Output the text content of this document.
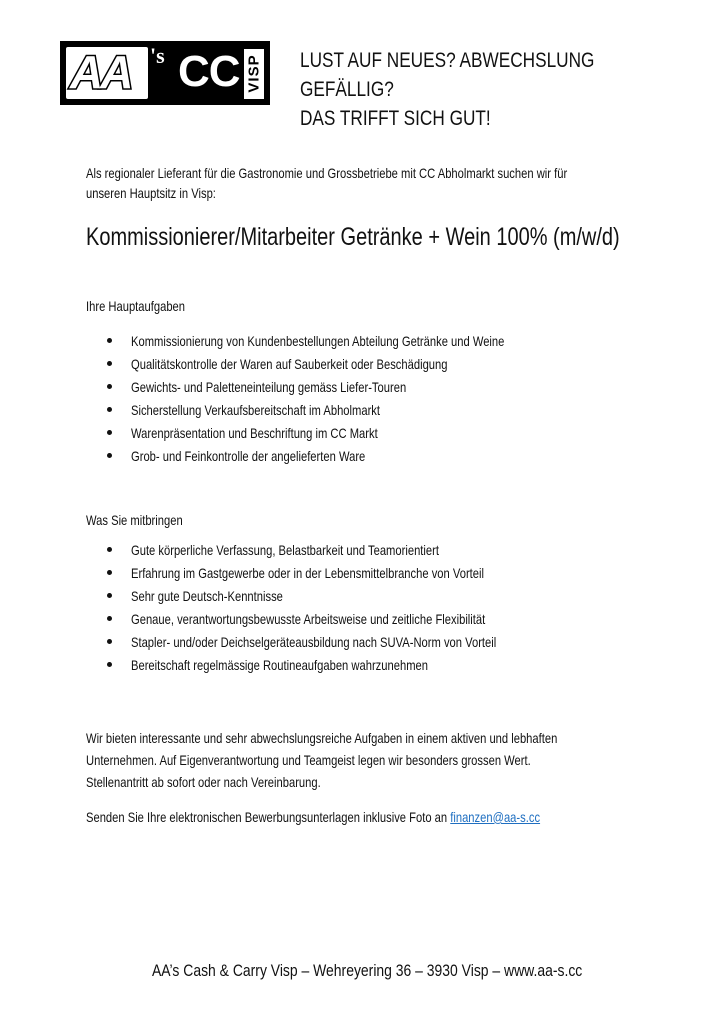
AA 's CC VISP LUST AUF NEUES? ABWECHSLUNG
GEFÄLLIG?
DAS TRIFFT SICH GUT!
Als regionaler Lieferant für die Gastronomie und Grossbetriebe mit CC Abholmarkt suchen wir für
unseren Hauptsitz in Visp:
Kommissionierer/Mitarbeiter Getränke + Wein 100% (m/w/d)
Ihre Hauptaufgaben
Kommissionierung von Kundenbestellungen Abteilung Getränke und Weine
Qualitätskontrolle der Waren auf Sauberkeit oder Beschädigung
Gewichts- und Paletteneinteilung gemäss Liefer-Touren
Sicherstellung Verkaufsbereitschaft im Abholmarkt
Warenpräsentation und Beschriftung im CC Markt
Grob- und Feinkontrolle der angelieferten Ware
Was Sie mitbringen
Gute körperliche Verfassung, Belastbarkeit und Teamorientiert
Erfahrung im Gastgewerbe oder in der Lebensmittelbranche von Vorteil
Sehr gute Deutsch-Kenntnisse
Genaue, verantwortungsbewusste Arbeitsweise und zeitliche Flexibilität
Stapler- und/oder Deichselgeräteausbildung nach SUVA-Norm von Vorteil
Bereitschaft regelmässige Routineaufgaben wahrzunehmen
Wir bieten interessante und sehr abwechslungsreiche Aufgaben in einem aktiven und lebhaften
Unternehmen. Auf Eigenverantwortung und Teamgeist legen wir besonders grossen Wert.
Stellenantritt ab sofort oder nach Vereinbarung.
Senden Sie Ihre elektronischen Bewerbungsunterlagen inklusive Foto an finanzen@aa-s.cc
AA’s Cash & Carry Visp – Wehreyering 36 – 3930 Visp – www.aa-s.cc
